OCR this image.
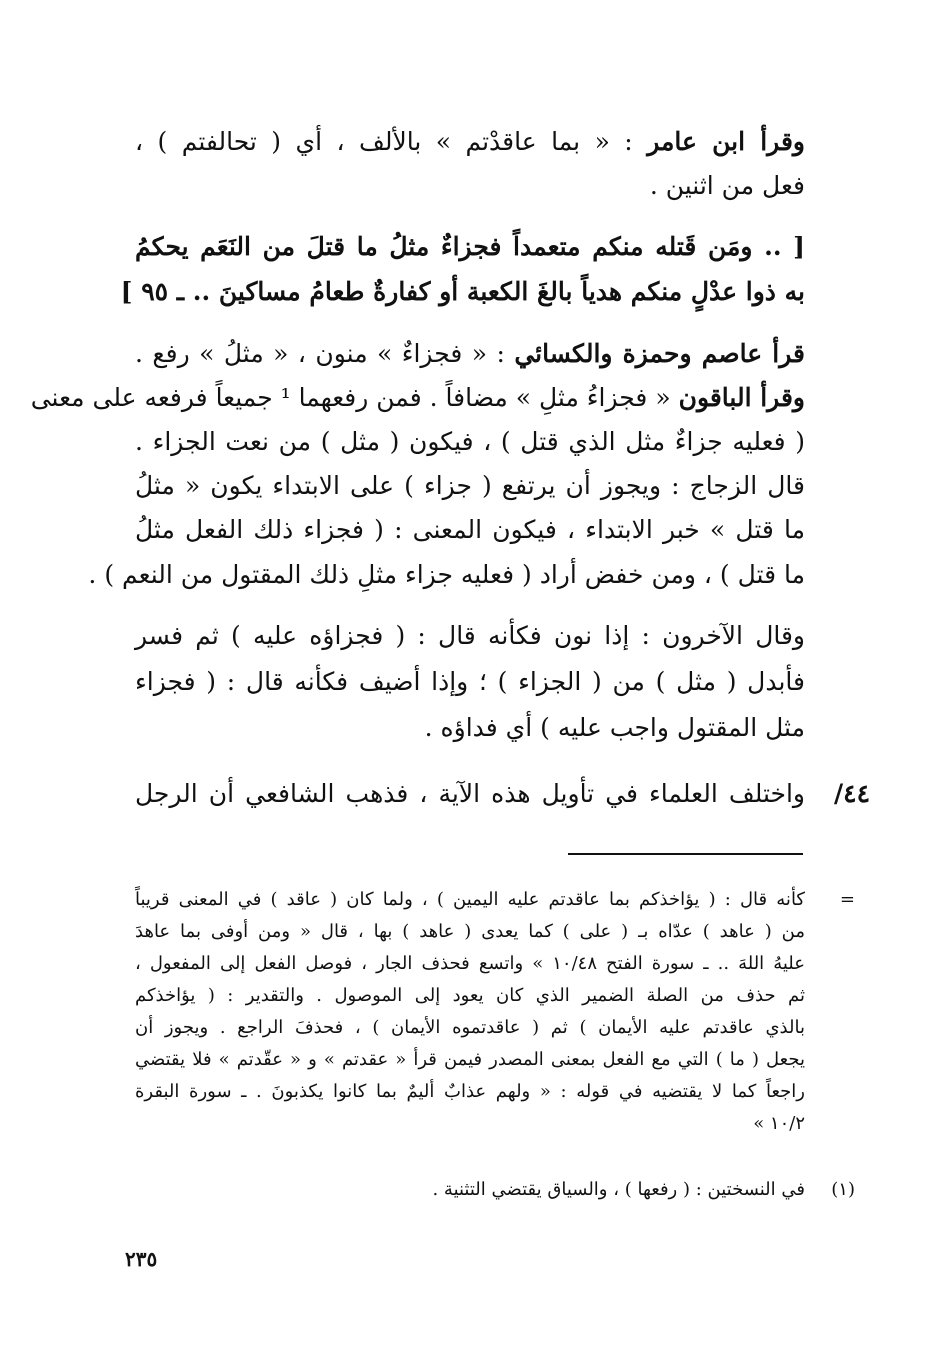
وقرأ ابن عامر : « بما عاقدْتم » بالألف ، أي ( تحالفتم ) ،
فعل من اثنين .
[ .. ومَن قَتله منكم متعمداً فجزاءٌ مثلُ ما قتلَ من النَعَم يحكمُ
به ذوا عدْلٍ منكم هدياً بالغَ الكعبة أو كفارةٌ طعامُ مساكينَ .. ـ ٩٥ ]
قرأ عاصم وحمزة والكسائي : « فجزاءٌ » منون ، « مثلُ » رفع .
وقرأ الباقون « فجزاءُ مثلِ » مضافاً . فمن رفعهما ¹ جميعاً فرفعه على معنى
( فعليه جزاءٌ مثل الذي قتل ) ، فيكون ( مثل ) من نعت الجزاء .
قال الزجاج : ويجوز أن يرتفع ( جزاء ) على الابتداء يكون « مثلُ
ما قتل » خبر الابتداء ، فيكون المعنى : ( فجزاء ذلك الفعل مثلُ
ما قتل ) ، ومن خفض أراد ( فعليه جزاء مثلِ ذلك المقتول من النعم ) .
وقال الآخرون : إذا نون فكأنه قال : ( فجزاؤه عليه ) ثم فسر
فأبدل ( مثل ) من ( الجزاء ) ؛ وإذا أضيف فكأنه قال : ( فجزاء
مثل المقتول واجب عليه ) أي فداؤه .
واختلف العلماء في تأويل هذه الآية ، فذهب الشافعي أن الرجل ٤٤/
=
كأنه قال : ( يؤاخذكم بما عاقدتم عليه اليمين ) ، ولما كان ( عاقد ) في المعنى قريباً
من ( عاهد ) عدّاه بـ ( على ) كما يعدى ( عاهد ) بها ، قال « ومن أوفى بما عاهدَ
عليهُ اللهَ .. ـ سورة الفتح ١٠/٤٨ » واتسع فحذف الجار ، فوصل الفعل إلى المفعول ،
ثم حذف من الصلة الضمير الذي كان يعود إلى الموصول . والتقدير : ( يؤاخذكم
بالذي عاقدتم عليه الأيمان ) ثم ( عاقدتموه الأيمان ) ، فحذفَ الراجع . ويجوز أن
يجعل ( ما ) التي مع الفعل بمعنى المصدر فيمن قرأ « عقدتم » و « عقّدتم » فلا يقتضي
راجعاً كما لا يقتضيه في قوله : « ولهم عذابٌ أليمٌ بما كانوا يكذبونَ . ـ سورة البقرة
١٠/٢ »
(١)
في النسختين : ( رفعها ) ، والسياق يقتضي التثنية .
٢٣٥
